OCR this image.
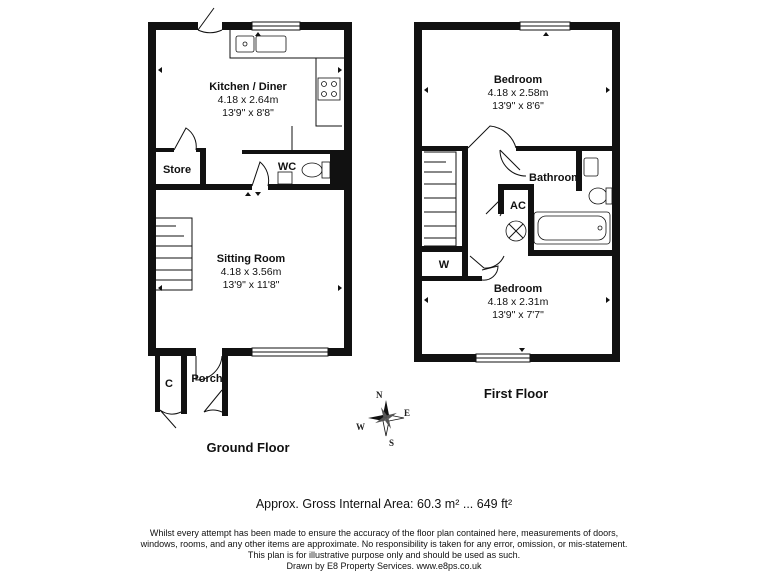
N
E
S
W
Kitchen / Diner
4.18 x 2.64m
13'9" x 8'8"
Store	WC
Sitting Room
4.18 x 3.56m
13'9" x 11'8"
Porch
C
Ground Floor
Bedroom
4.18 x 2.58m
13'9" x 8'6"
Bathroom
AC
W
Bedroom
4.18 x 2.31m
13'9" x 7'7"
First Floor
Approx. Gross Internal Area: 60.3 m² ... 649 ft²
Whilst every attempt has been made to ensure the accuracy of the floor plan contained here, measurements of doors,
windows, rooms, and any other items are approximate. No responsibility is taken for any error, omission, or mis-statement.
This plan is for illustrative purpose only and should be used as such.
Drawn by E8 Property Services. www.e8ps.co.uk
